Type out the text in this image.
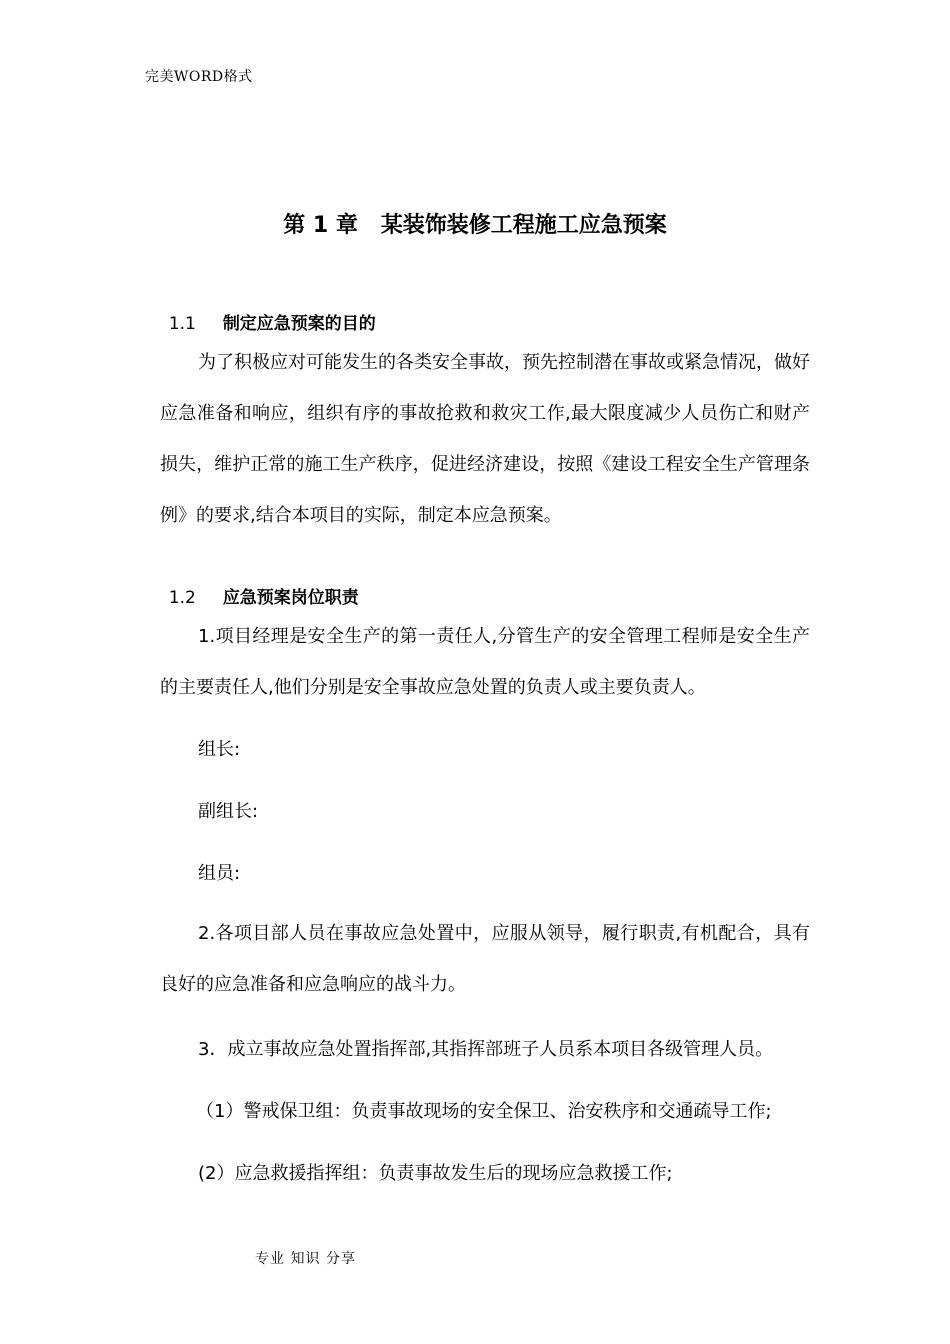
完美WORD格式
第 1 章   某装饰装修工程施工应急预案

1.1 制定应急预案的目的

为了积极应对可能发生的各类安全事故，预先控制潜在事故或紧急情况，做好应急准备和响应，组织有序的事故抢救和救灾工作,最大限度减少人员伤亡和财产损失，维护正常的施工生产秩序，促进经济建设，按照《建设工程安全生产管理条例》的要求,结合本项目的实际，制定本应急预案。

1.2 应急预案岗位职责

1.项目经理是安全生产的第一责任人,分管生产的安全管理工程师是安全生产的主要责任人,他们分别是安全事故应急处置的负责人或主要负责人。
组长:
副组长:
组员:
2.各项目部人员在事故应急处置中，应服从领导，履行职责,有机配合，具有良好的应急准备和应急响应的战斗力。
3．成立事故应急处置指挥部,其指挥部班子人员系本项目各级管理人员。
（1）警戒保卫组：负责事故现场的安全保卫、治安秩序和交通疏导工作;
(2）应急救援指挥组：负责事故发生后的现场应急救援工作;
专业 知识 分享
